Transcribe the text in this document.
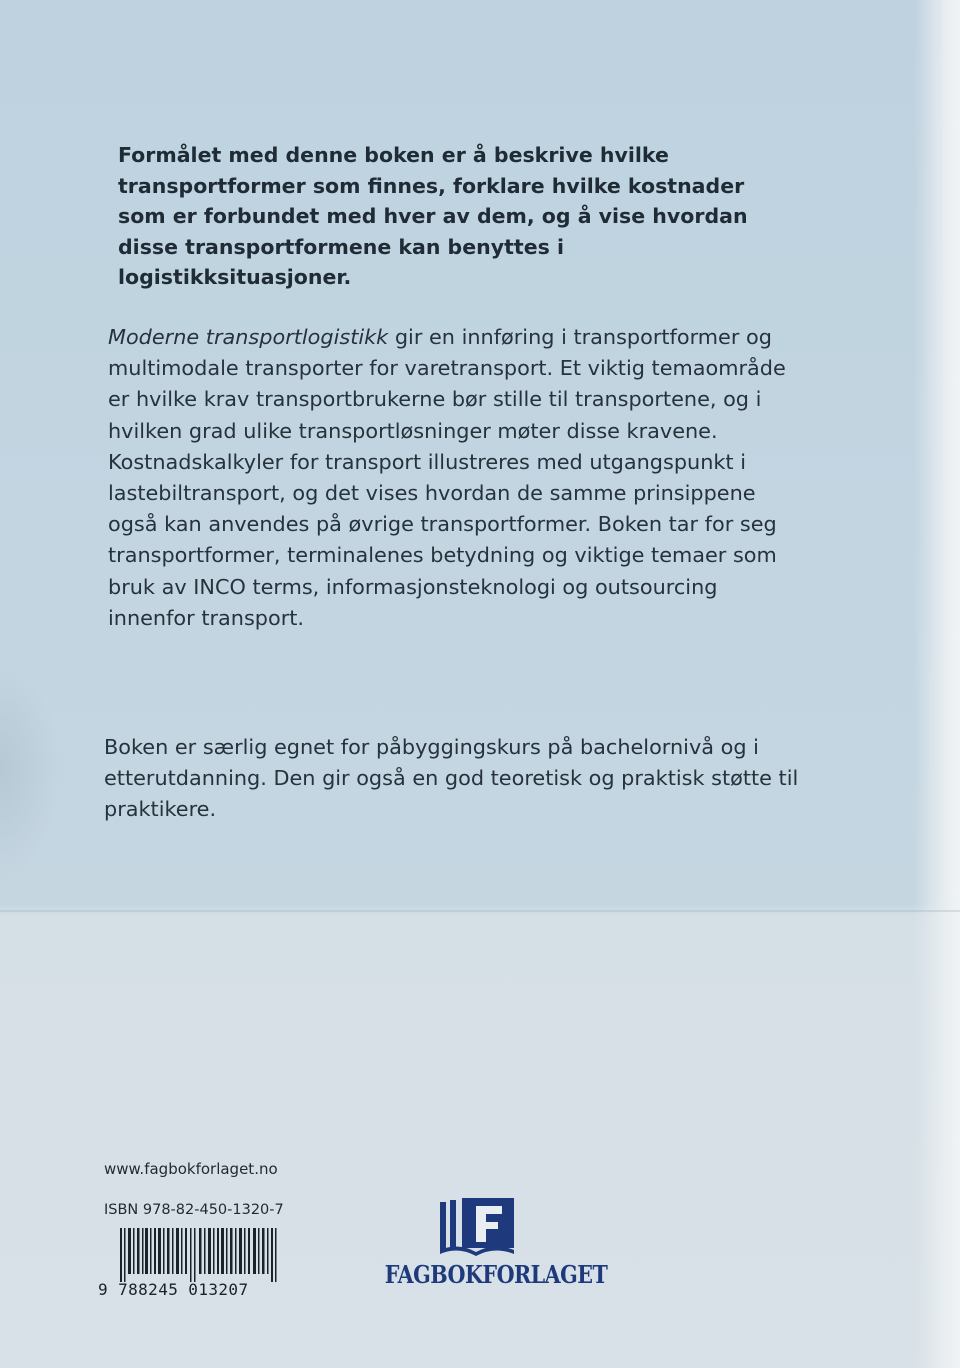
Formålet med denne boken er å beskrive hvilke transportformer som finnes, forklare hvilke kostnader som er forbundet med hver av dem, og å vise hvordan disse transportformene kan benyttes i logistikksituasjoner.

Moderne transportlogistikk gir en innføring i transportformer og multimodale transporter for varetransport. Et viktig temaområde er hvilke krav transportbrukerne bør stille til transportene, og i hvilken grad ulike transportløsninger møter disse kravene. Kostnadskalkyler for transport illustreres med utgangspunkt i lastebiltransport, og det vises hvordan de samme prinsippene også kan anvendes på øvrige transportformer. Boken tar for seg transportformer, terminalenes betydning og viktige temaer som bruk av INCO terms, informasjonsteknologi og outsourcing innenfor transport.

Boken er særlig egnet for påbyggingskurs på bachelornivå og i etterutdanning. Den gir også en god teoretisk og praktisk støtte til praktikere.

www.fagbokforlaget.no
ISBN 978-82-450-1320-7
9 788245 013207
FAGBOKFORLAGET
